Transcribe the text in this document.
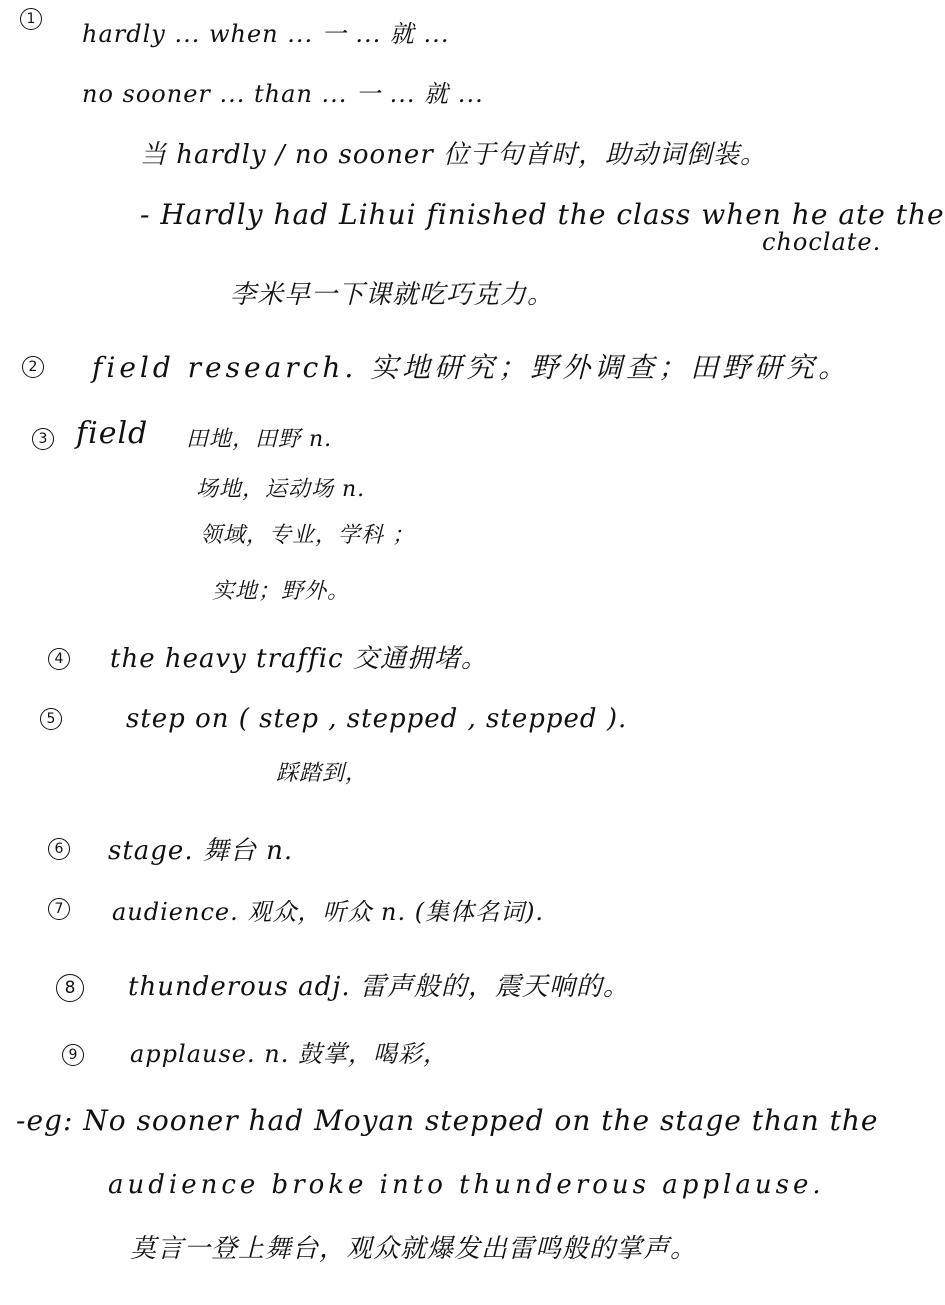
1
hardly ... when ... 一 ... 就 ...
no sooner ... than ... 一 ... 就 ...
当 hardly / no sooner 位于句首时，助动词倒装。
- Hardly had Lihui finished the class when he ate the
choclate.
李米早一下课就吃巧克力。
2 field research. 实地研究；野外调查；田野研究。
3 field 田地，田野 n.
场地，运动场 n.
领域，专业，学科 ；
实地；野外。
4 the heavy traffic 交通拥堵。
5	step on ( step , stepped , stepped ).
踩踏到，
6 stage. 舞台 n.
7 audience. 观众，听众 n. (集体名词).
8	thunderous adj. 雷声般的，震天响的。
9 applause. n. 鼓掌，喝彩，
-eg: No sooner had Moyan stepped on the stage than the
audience broke into thunderous applause.
莫言一登上舞台，观众就爆发出雷鸣般的掌声。
